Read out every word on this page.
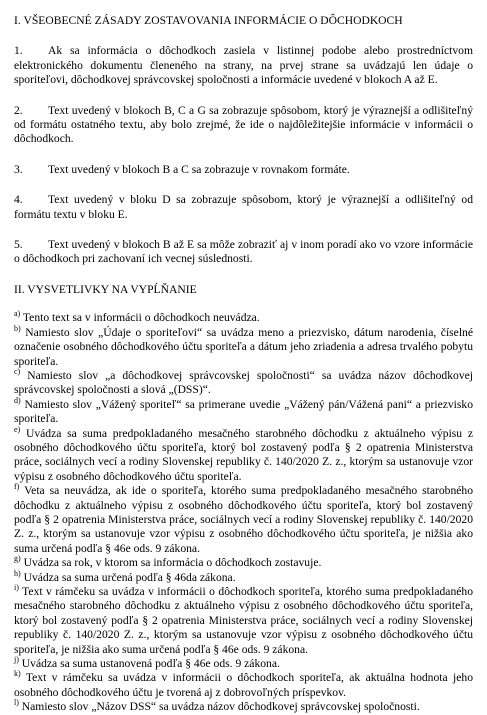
I. VŠEOBECNÉ ZÁSADY ZOSTAVOVANIA INFORMÁCIE O DÔCHODKOCH

1. Ak sa informácia o dôchodkoch zasiela v listinnej podobe alebo prostredníctvom elektronického dokumentu členeného na strany, na prvej strane sa uvádzajú len údaje o sporiteľovi, dôchodkovej správcovskej spoločnosti a informácie uvedené v blokoch A až E.

2. Text uvedený v blokoch B, C a G sa zobrazuje spôsobom, ktorý je výraznejší a odlišiteľný od formátu ostatného textu, aby bolo zrejmé, že ide o najdôležitejšie informácie v informácii o dôchodkoch.

3. Text uvedený v blokoch B a C sa zobrazuje v rovnakom formáte.

4. Text uvedený v bloku D sa zobrazuje spôsobom, ktorý je výraznejší a odlišiteľný od formátu textu v bloku E.

5. Text uvedený v blokoch B až E sa môže zobraziť aj v inom poradí ako vo vzore informácie o dôchodkoch pri zachovaní ich vecnej súslednosti.

II. VYSVETLIVKY NA VYPĹŇANIE

$^{a)}$ Tento text sa v informácii o dôchodkoch neuvádza.

$^{b)}$ Namiesto slov „Údaje o sporiteľovi“ sa uvádza meno a priezvisko, dátum narodenia, číselné označenie osobného dôchodkového účtu sporiteľa a dátum jeho zriadenia a adresa trvalého pobytu sporiteľa.

$^{c)}$ Namiesto slov „a dôchodkovej správcovskej spoločnosti“ sa uvádza názov dôchodkovej správcovskej spoločnosti a slová „(DSS)“.

$^{d)}$ Namiesto slov „Vážený sporiteľ“ sa primerane uvedie „Vážený pán/Vážená pani“ a priezvisko sporiteľa.

$^{e)}$ Uvádza sa suma predpokladaného mesačného starobného dôchodku z aktuálneho výpisu z osobného dôchodkového účtu sporiteľa, ktorý bol zostavený podľa § 2 opatrenia Ministerstva práce, sociálnych vecí a rodiny Slovenskej republiky č. 140/2020 Z. z., ktorým sa ustanovuje vzor výpisu z osobného dôchodkového účtu sporiteľa.

$^{f)}$ Veta sa neuvádza, ak ide o sporiteľa, ktorého suma predpokladaného mesačného starobného dôchodku z aktuálneho výpisu z osobného dôchodkového účtu sporiteľa, ktorý bol zostavený podľa § 2 opatrenia Ministerstva práce, sociálnych vecí a rodiny Slovenskej republiky č. 140/2020 Z. z., ktorým sa ustanovuje vzor výpisu z osobného dôchodkového účtu sporiteľa, je nižšia ako suma určená podľa § 46e ods. 9 zákona.

$^{g)}$ Uvádza sa rok, v ktorom sa informácia o dôchodkoch zostavuje.

$^{h)}$ Uvádza sa suma určená podľa § 46da zákona.

$^{i)}$ Text v rámčeku sa uvádza v informácii o dôchodkoch sporiteľa, ktorého suma predpokladaného mesačného starobného dôchodku z aktuálneho výpisu z osobného dôchodkového účtu sporiteľa, ktorý bol zostavený podľa § 2 opatrenia Ministerstva práce, sociálnych vecí a rodiny Slovenskej republiky č. 140/2020 Z. z., ktorým sa ustanovuje vzor výpisu z osobného dôchodkového účtu sporiteľa, je nižšia ako suma určená podľa § 46e ods. 9 zákona.

$^{j)}$ Uvádza sa suma ustanovená podľa § 46e ods. 9 zákona.

$^{k)}$ Text v rámčeku sa uvádza v informácii o dôchodkoch sporiteľa, ak aktuálna hodnota jeho osobného dôchodkového účtu je tvorená aj z dobrovoľných príspevkov.

$^{l)}$ Namiesto slov „Názov DSS“ sa uvádza názov dôchodkovej správcovskej spoločnosti.
